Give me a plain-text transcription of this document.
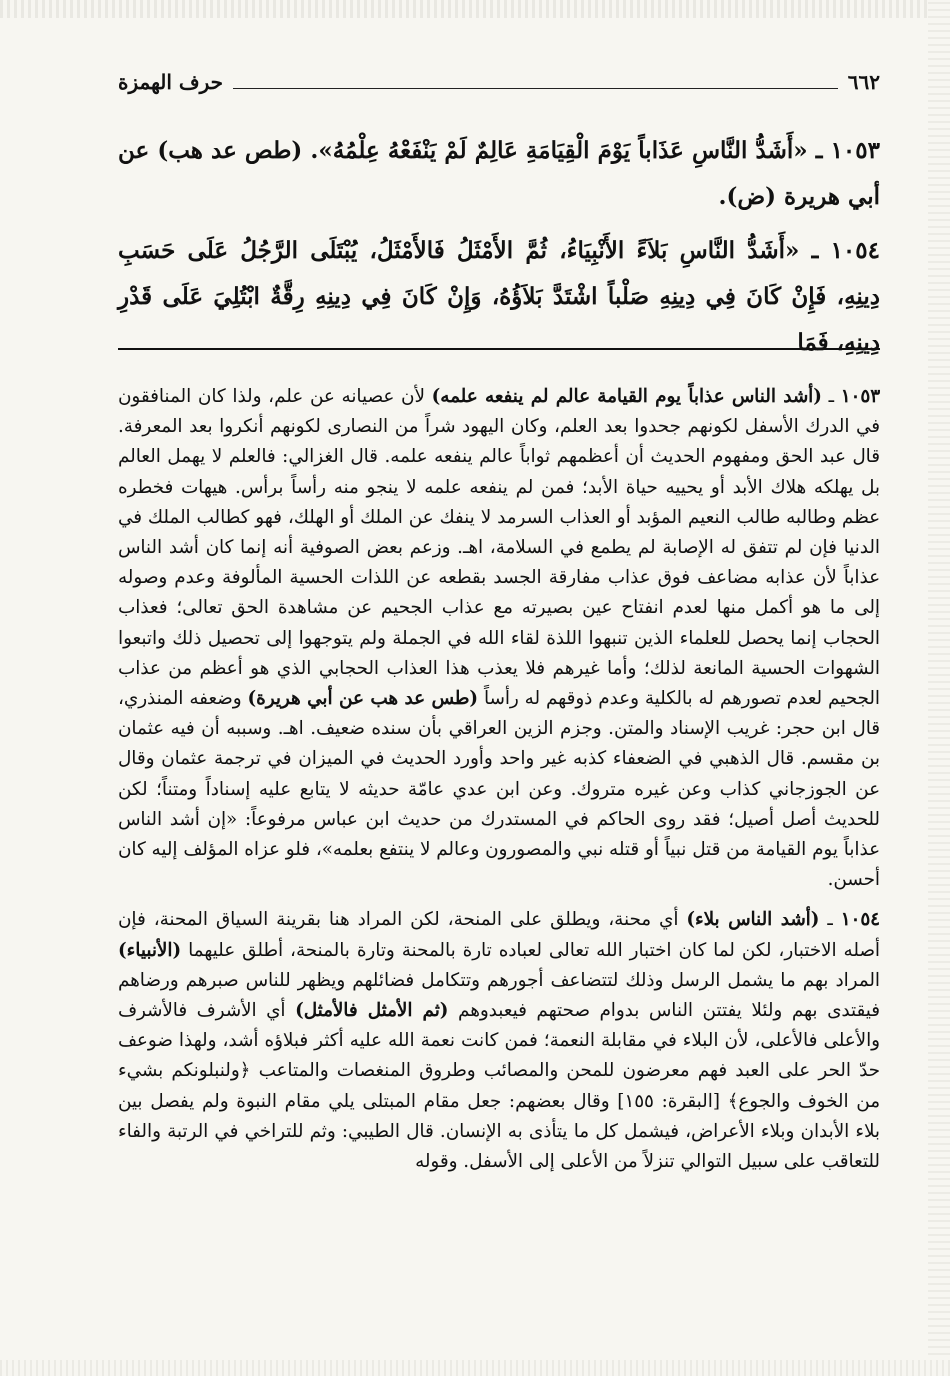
٦٦٢
حرف الهمزة

١٠٥٣ ـ «أَشَدُّ النَّاسِ عَذَاباً يَوْمَ الْقِيَامَةِ عَالِمٌ لَمْ يَنْفَعْهُ عِلْمُهُ». (طص عد هب) عن أبي هريرة (ض).

١٠٥٤ ـ «أَشَدُّ النَّاسِ بَلاَءً الأَنْبِيَاءُ، ثُمَّ الأَمْثَلُ فَالأَمْثَلُ، يُبْتَلَى الرَّجُلُ عَلَى حَسَبِ دِينِهِ، فَإِنْ كَانَ فِي دِينِهِ صَلْباً اشْتَدَّ بَلاَؤُهُ، وَإِنْ كَانَ فِي دِينِهِ رِقَّةٌ ابْتُلِيَ عَلَى قَدْرِ دِينِهِ، فَمَا

١٠٥٣ ـ (أشد الناس عذاباً يوم القيامة عالم لم ينفعه علمه) لأن عصيانه عن علم، ولذا كان المنافقون في الدرك الأسفل لكونهم جحدوا بعد العلم، وكان اليهود شراً من النصارى لكونهم أنكروا بعد المعرفة. قال عبد الحق ومفهوم الحديث أن أعظمهم ثواباً عالم ينفعه علمه. قال الغزالي: فالعلم لا يهمل العالم بل يهلكه هلاك الأبد أو يحييه حياة الأبد؛ فمن لم ينفعه علمه لا ينجو منه رأساً برأس. هيهات فخطره عظم وطالبه طالب النعيم المؤبد أو العذاب السرمد لا ينفك عن الملك أو الهلك، فهو كطالب الملك في الدنيا فإن لم تتفق له الإصابة لم يطمع في السلامة، اهـ. وزعم بعض الصوفية أنه إنما كان أشد الناس عذاباً لأن عذابه مضاعف فوق عذاب مفارقة الجسد بقطعه عن اللذات الحسية المألوفة وعدم وصوله إلى ما هو أكمل منها لعدم انفتاح عين بصيرته مع عذاب الجحيم عن مشاهدة الحق تعالى؛ فعذاب الحجاب إنما يحصل للعلماء الذين تنبهوا اللذة لقاء الله في الجملة ولم يتوجهوا إلى تحصيل ذلك واتبعوا الشهوات الحسية المانعة لذلك؛ وأما غيرهم فلا يعذب هذا العذاب الحجابي الذي هو أعظم من عذاب الجحيم لعدم تصورهم له بالكلية وعدم ذوقهم له رأساً (طس عد هب عن أبي هريرة) وضعفه المنذري، قال ابن حجر: غريب الإسناد والمتن. وجزم الزين العراقي بأن سنده ضعيف. اهـ. وسببه أن فيه عثمان بن مقسم. قال الذهبي في الضعفاء كذبه غير واحد وأورد الحديث في الميزان في ترجمة عثمان وقال عن الجوزجاني كذاب وعن غيره متروك. وعن ابن عدي عامّة حديثه لا يتابع عليه إسناداً ومتناً؛ لكن للحديث أصل أصيل؛ فقد روى الحاكم في المستدرك من حديث ابن عباس مرفوعاً: «إن أشد الناس عذاباً يوم القيامة من قتل نبياً أو قتله نبي والمصورون وعالم لا ينتفع بعلمه»، فلو عزاه المؤلف إليه كان أحسن.

١٠٥٤ ـ (أشد الناس بلاء) أي محنة، ويطلق على المنحة، لكن المراد هنا بقرينة السياق المحنة، فإن أصله الاختبار، لكن لما كان اختبار الله تعالى لعباده تارة بالمحنة وتارة بالمنحة، أطلق عليهما (الأنبياء) المراد بهم ما يشمل الرسل وذلك لتتضاعف أجورهم وتتكامل فضائلهم ويظهر للناس صبرهم ورضاهم فيقتدى بهم ولئلا يفتتن الناس بدوام صحتهم فيعبدوهم (ثم الأمثل فالأمثل) أي الأشرف فالأشرف والأعلى فالأعلى، لأن البلاء في مقابلة النعمة؛ فمن كانت نعمة الله عليه أكثر فبلاؤه أشد، ولهذا ضوعف حدّ الحر على العبد فهم معرضون للمحن والمصائب وطروق المنغصات والمتاعب ﴿ولنبلونكم بشيء من الخوف والجوع﴾ [البقرة: ١٥٥] وقال بعضهم: جعل مقام المبتلى يلي مقام النبوة ولم يفصل بين بلاء الأبدان وبلاء الأعراض، فيشمل كل ما يتأذى به الإنسان. قال الطيبي: وثم للتراخي في الرتبة والفاء للتعاقب على سبيل التوالي تنزلاً من الأعلى إلى الأسفل. وقوله
